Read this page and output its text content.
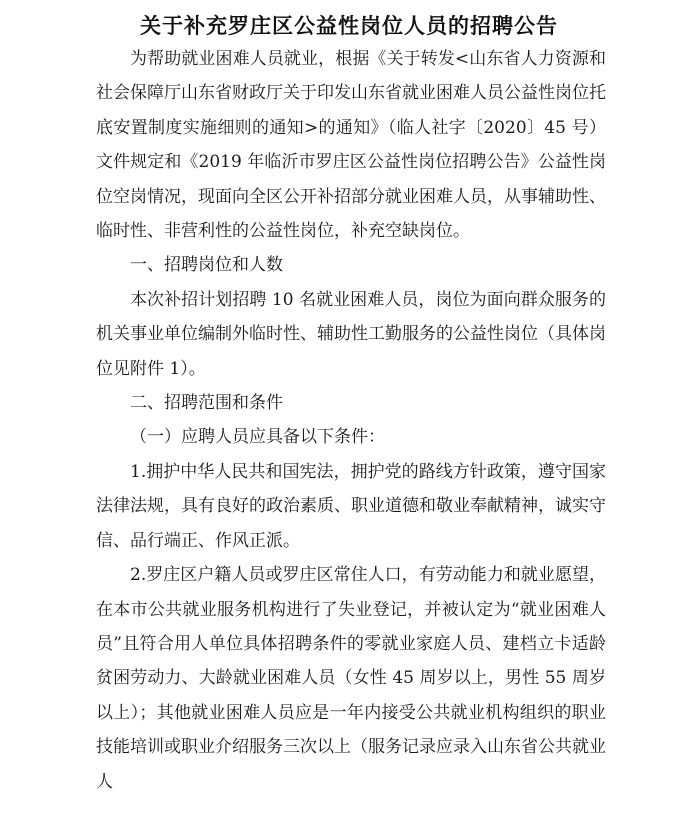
关于补充罗庄区公益性岗位人员的招聘公告

为帮助就业困难人员就业，根据《关于转发<山东省人力资源和社会保障厅山东省财政厅关于印发山东省就业困难人员公益性岗位托底安置制度实施细则的通知>的通知》（临人社字〔2020〕45 号）文件规定和《2019 年临沂市罗庄区公益性岗位招聘公告》公益性岗位空岗情况，现面向全区公开补招部分就业困难人员，从事辅助性、临时性、非营利性的公益性岗位，补充空缺岗位。

一、招聘岗位和人数

本次补招计划招聘 10 名就业困难人员，岗位为面向群众服务的机关事业单位编制外临时性、辅助性工勤服务的公益性岗位（具体岗位见附件 1）。

二、招聘范围和条件

（一）应聘人员应具备以下条件：

1.拥护中华人民共和国宪法，拥护党的路线方针政策，遵守国家法律法规，具有良好的政治素质、职业道德和敬业奉献精神，诚实守信、品行端正、作风正派。

2.罗庄区户籍人员或罗庄区常住人口，有劳动能力和就业愿望，在本市公共就业服务机构进行了失业登记，并被认定为“就业困难人员”且符合用人单位具体招聘条件的零就业家庭人员、建档立卡适龄贫困劳动力、大龄就业困难人员（女性 45 周岁以上，男性 55 周岁以上）；其他就业困难人员应是一年内接受公共就业机构组织的职业技能培训或职业介绍服务三次以上（服务记录应录入山东省公共就业人
